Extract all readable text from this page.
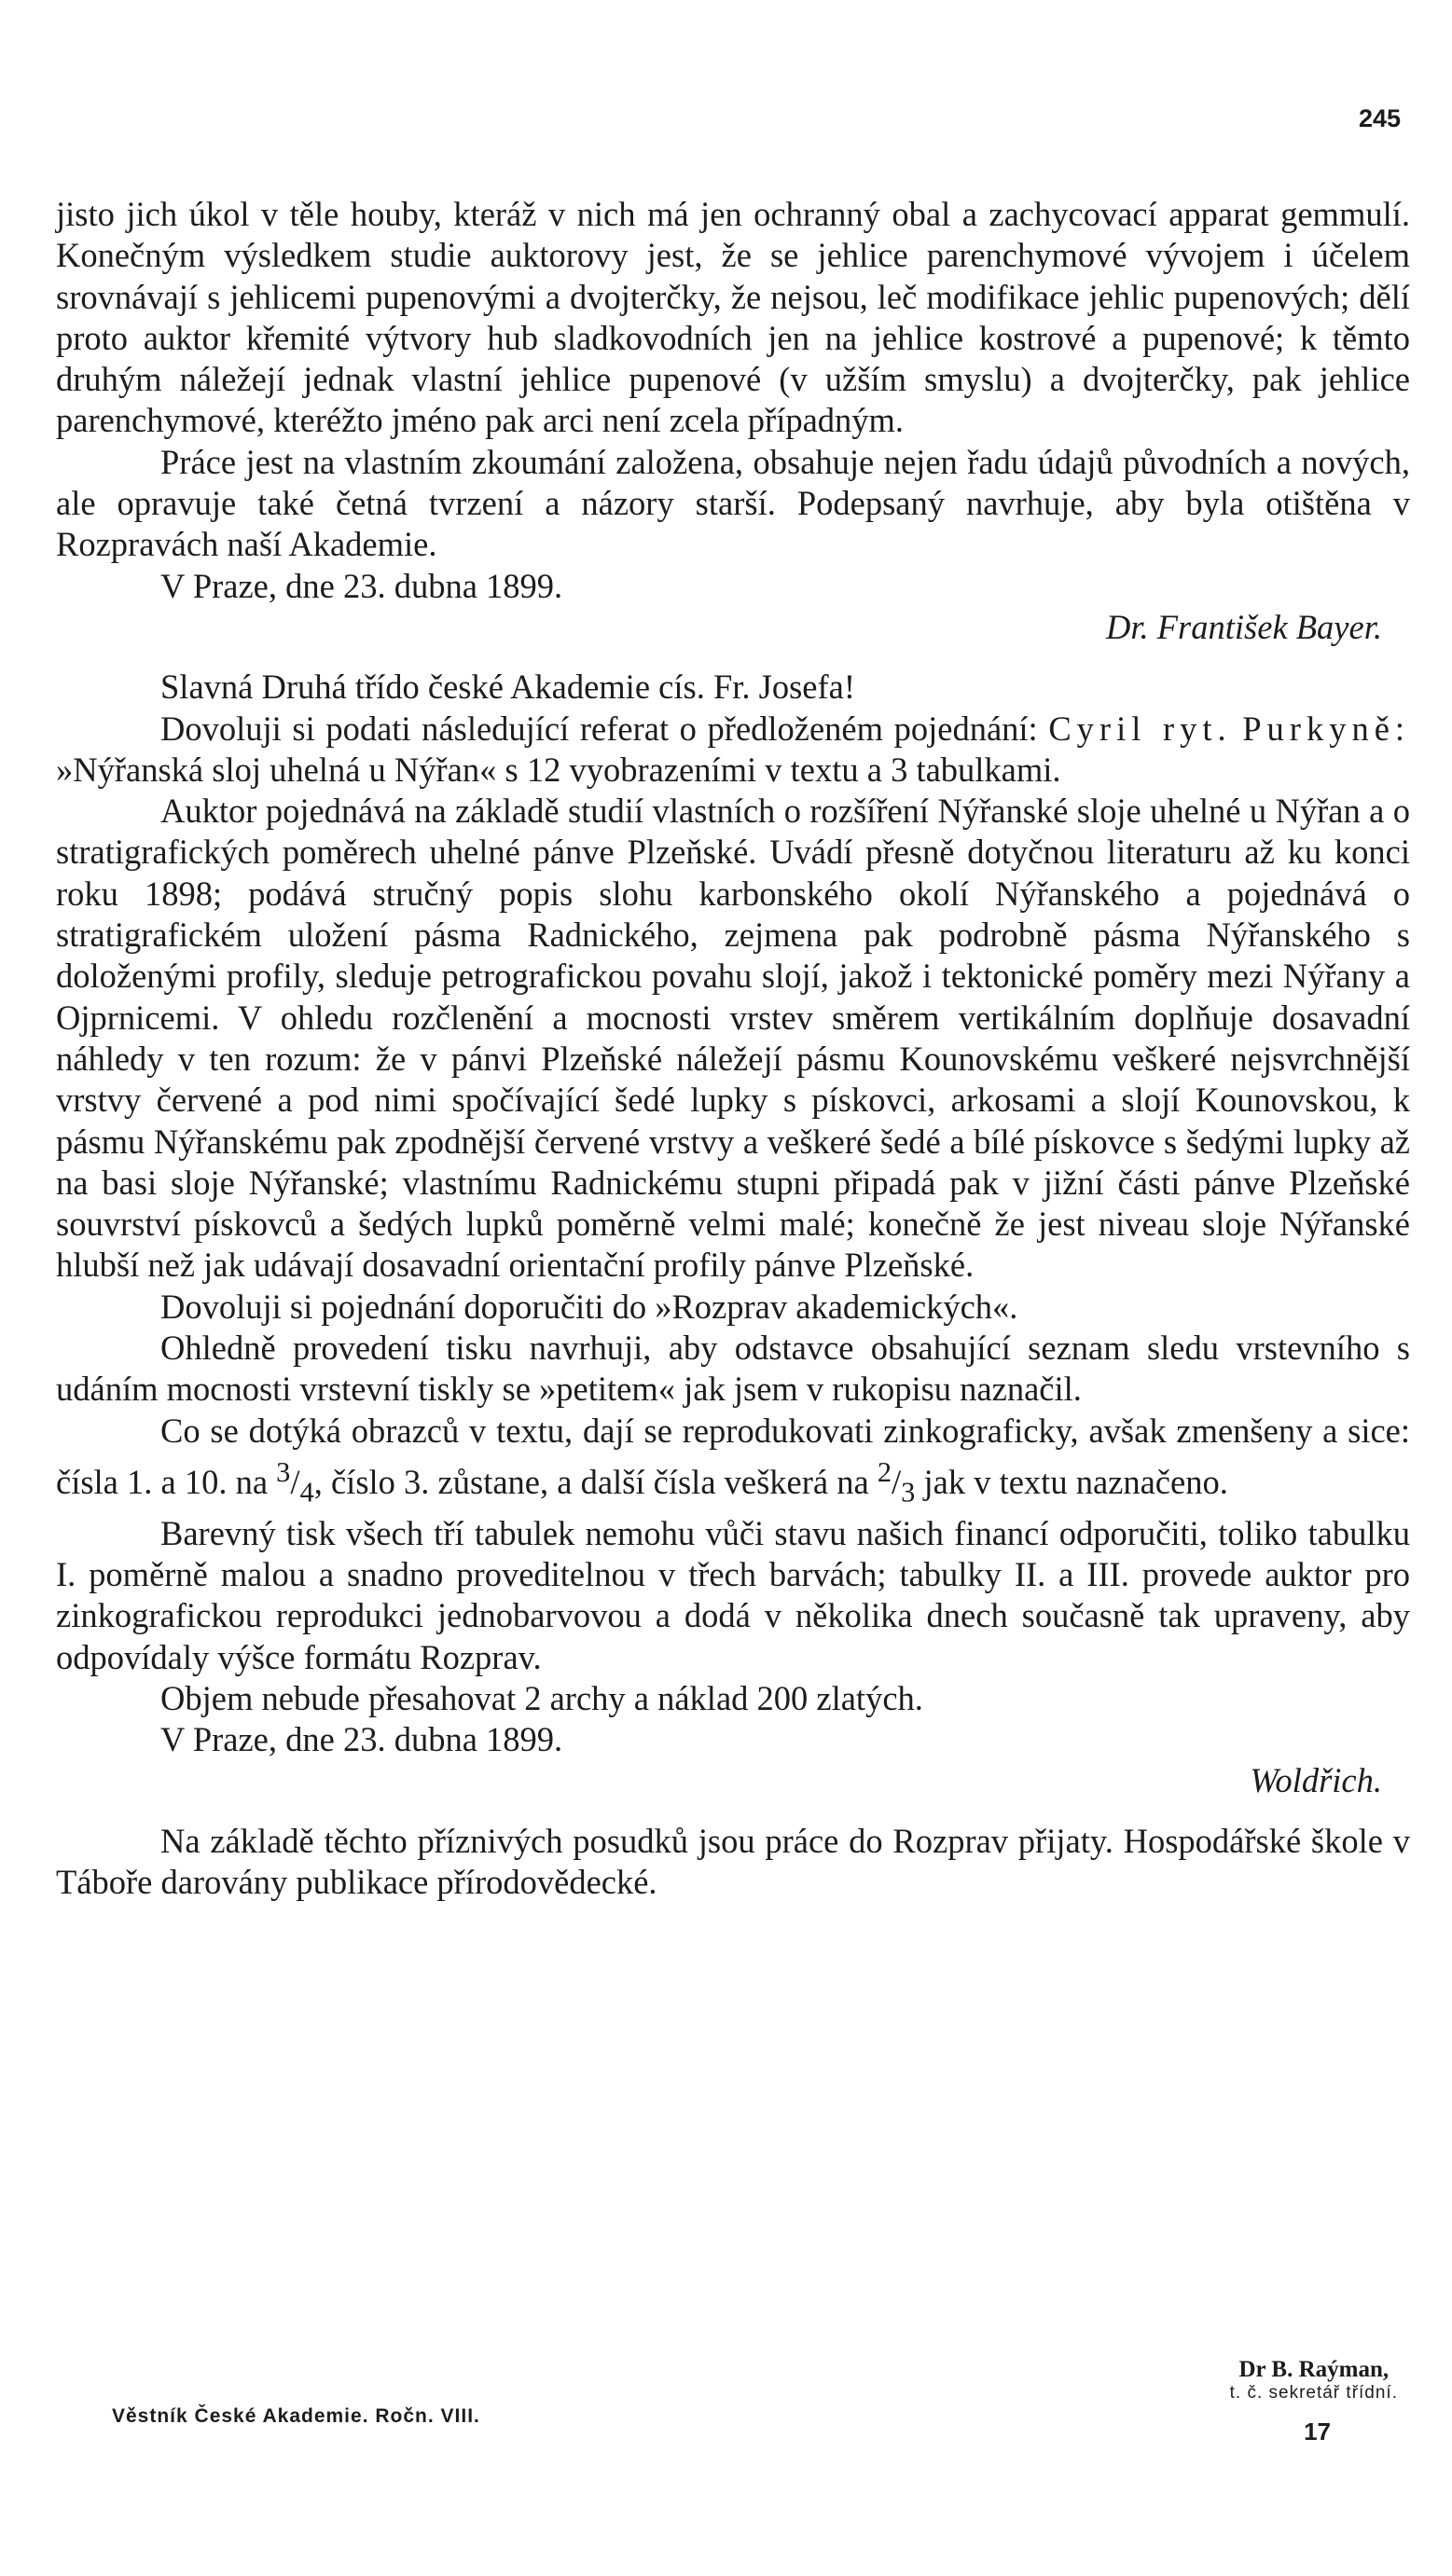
245

jisto jich úkol v těle houby, kteráž v nich má jen ochranný obal a zachycovací apparat gemmulí. Konečným výsledkem studie auktorovy jest, že se jehlice parenchymové vývojem i účelem srovnávají s jehlicemi pupenovými a dvojterčky, že nejsou, leč modifikace jehlic pupenových; dělí proto auktor křemité výtvory hub sladkovodních jen na jehlice kostrové a pupenové; k těmto druhým náležejí jednak vlastní jehlice pupenové (v užším smyslu) a dvojterčky, pak jehlice parenchymové, kteréžto jméno pak arci není zcela případným.

Práce jest na vlastním zkoumání založena, obsahuje nejen řadu údajů původních a nových, ale opravuje také četná tvrzení a názory starší. Podepsaný navrhuje, aby byla otištěna v Rozpravách naší Akademie.

V Praze, dne 23. dubna 1899.

Dr. František Bayer.

Slavná Druhá třído české Akademie cís. Fr. Josefa!

Dovoluji si podati následující referat o předloženém pojednání: Cyril ryt. Purkyně: »Nýřanská sloj uhelná u Nýřan« s 12 vyobrazeními v textu a 3 tabulkami.

Auktor pojednává na základě studií vlastních o rozšíření Nýřanské sloje uhelné u Nýřan a o stratigrafických poměrech uhelné pánve Plzeňské. Uvádí přesně dotyčnou literaturu až ku konci roku 1898; podává stručný popis slohu karbonského okolí Nýřanského a pojednává o stratigrafickém uložení pásma Radnického, zejmena pak podrobně pásma Nýřanského s doloženými profily, sleduje petrografickou povahu slojí, jakož i tektonické poměry mezi Nýřany a Ojprnicemi. V ohledu rozčlenění a mocnosti vrstev směrem vertikálním doplňuje dosavadní náhledy v ten rozum: že v pánvi Plzeňské náležejí pásmu Kounovskému veškeré nejsvrchnější vrstvy červené a pod nimi spočívající šedé lupky s pískovci, arkosami a slojí Kounovskou, k pásmu Nýřanskému pak zpodnější červené vrstvy a veškeré šedé a bílé pískovce s šedými lupky až na basi sloje Nýřanské; vlastnímu Radnickému stupni připadá pak v jižní části pánve Plzeňské souvrství pískovců a šedých lupků poměrně velmi malé; konečně že jest niveau sloje Nýřanské hlubší než jak udávají dosavadní orientační profily pánve Plzeňské.

Dovoluji si pojednání doporučiti do »Rozprav akademických«.

Ohledně provedení tisku navrhuji, aby odstavce obsahující seznam sledu vrstevního s udáním mocnosti vrstevní tiskly se »petitem« jak jsem v rukopisu naznačil.

Co se dotýká obrazců v textu, dají se reprodukovati zinkograficky, avšak zmenšeny a sice: čísla 1. a 10. na $^3/_4$, číslo 3. zůstane, a další čísla veškerá na $^2/_3$ jak v textu naznačeno.

Barevný tisk všech tří tabulek nemohu vůči stavu našich financí odporučiti, toliko tabulku I. poměrně malou a snadno proveditelnou v třech barvách; tabulky II. a III. provede auktor pro zinkografickou reprodukci jednobarvovou a dodá v několika dnech současně tak upraveny, aby odpovídaly výšce formátu Rozprav.

Objem nebude přesahovat 2 archy a náklad 200 zlatých.

V Praze, dne 23. dubna 1899.

Woldřich.

Na základě těchto příznivých posudků jsou práce do Rozprav přijaty. Hospodářské škole v Táboře darovány publikace přírodovědecké.

Věstník České Akademie. Ročn. VIII.
Dr B. Raýman,
t. č. sekretář třídní.
17
